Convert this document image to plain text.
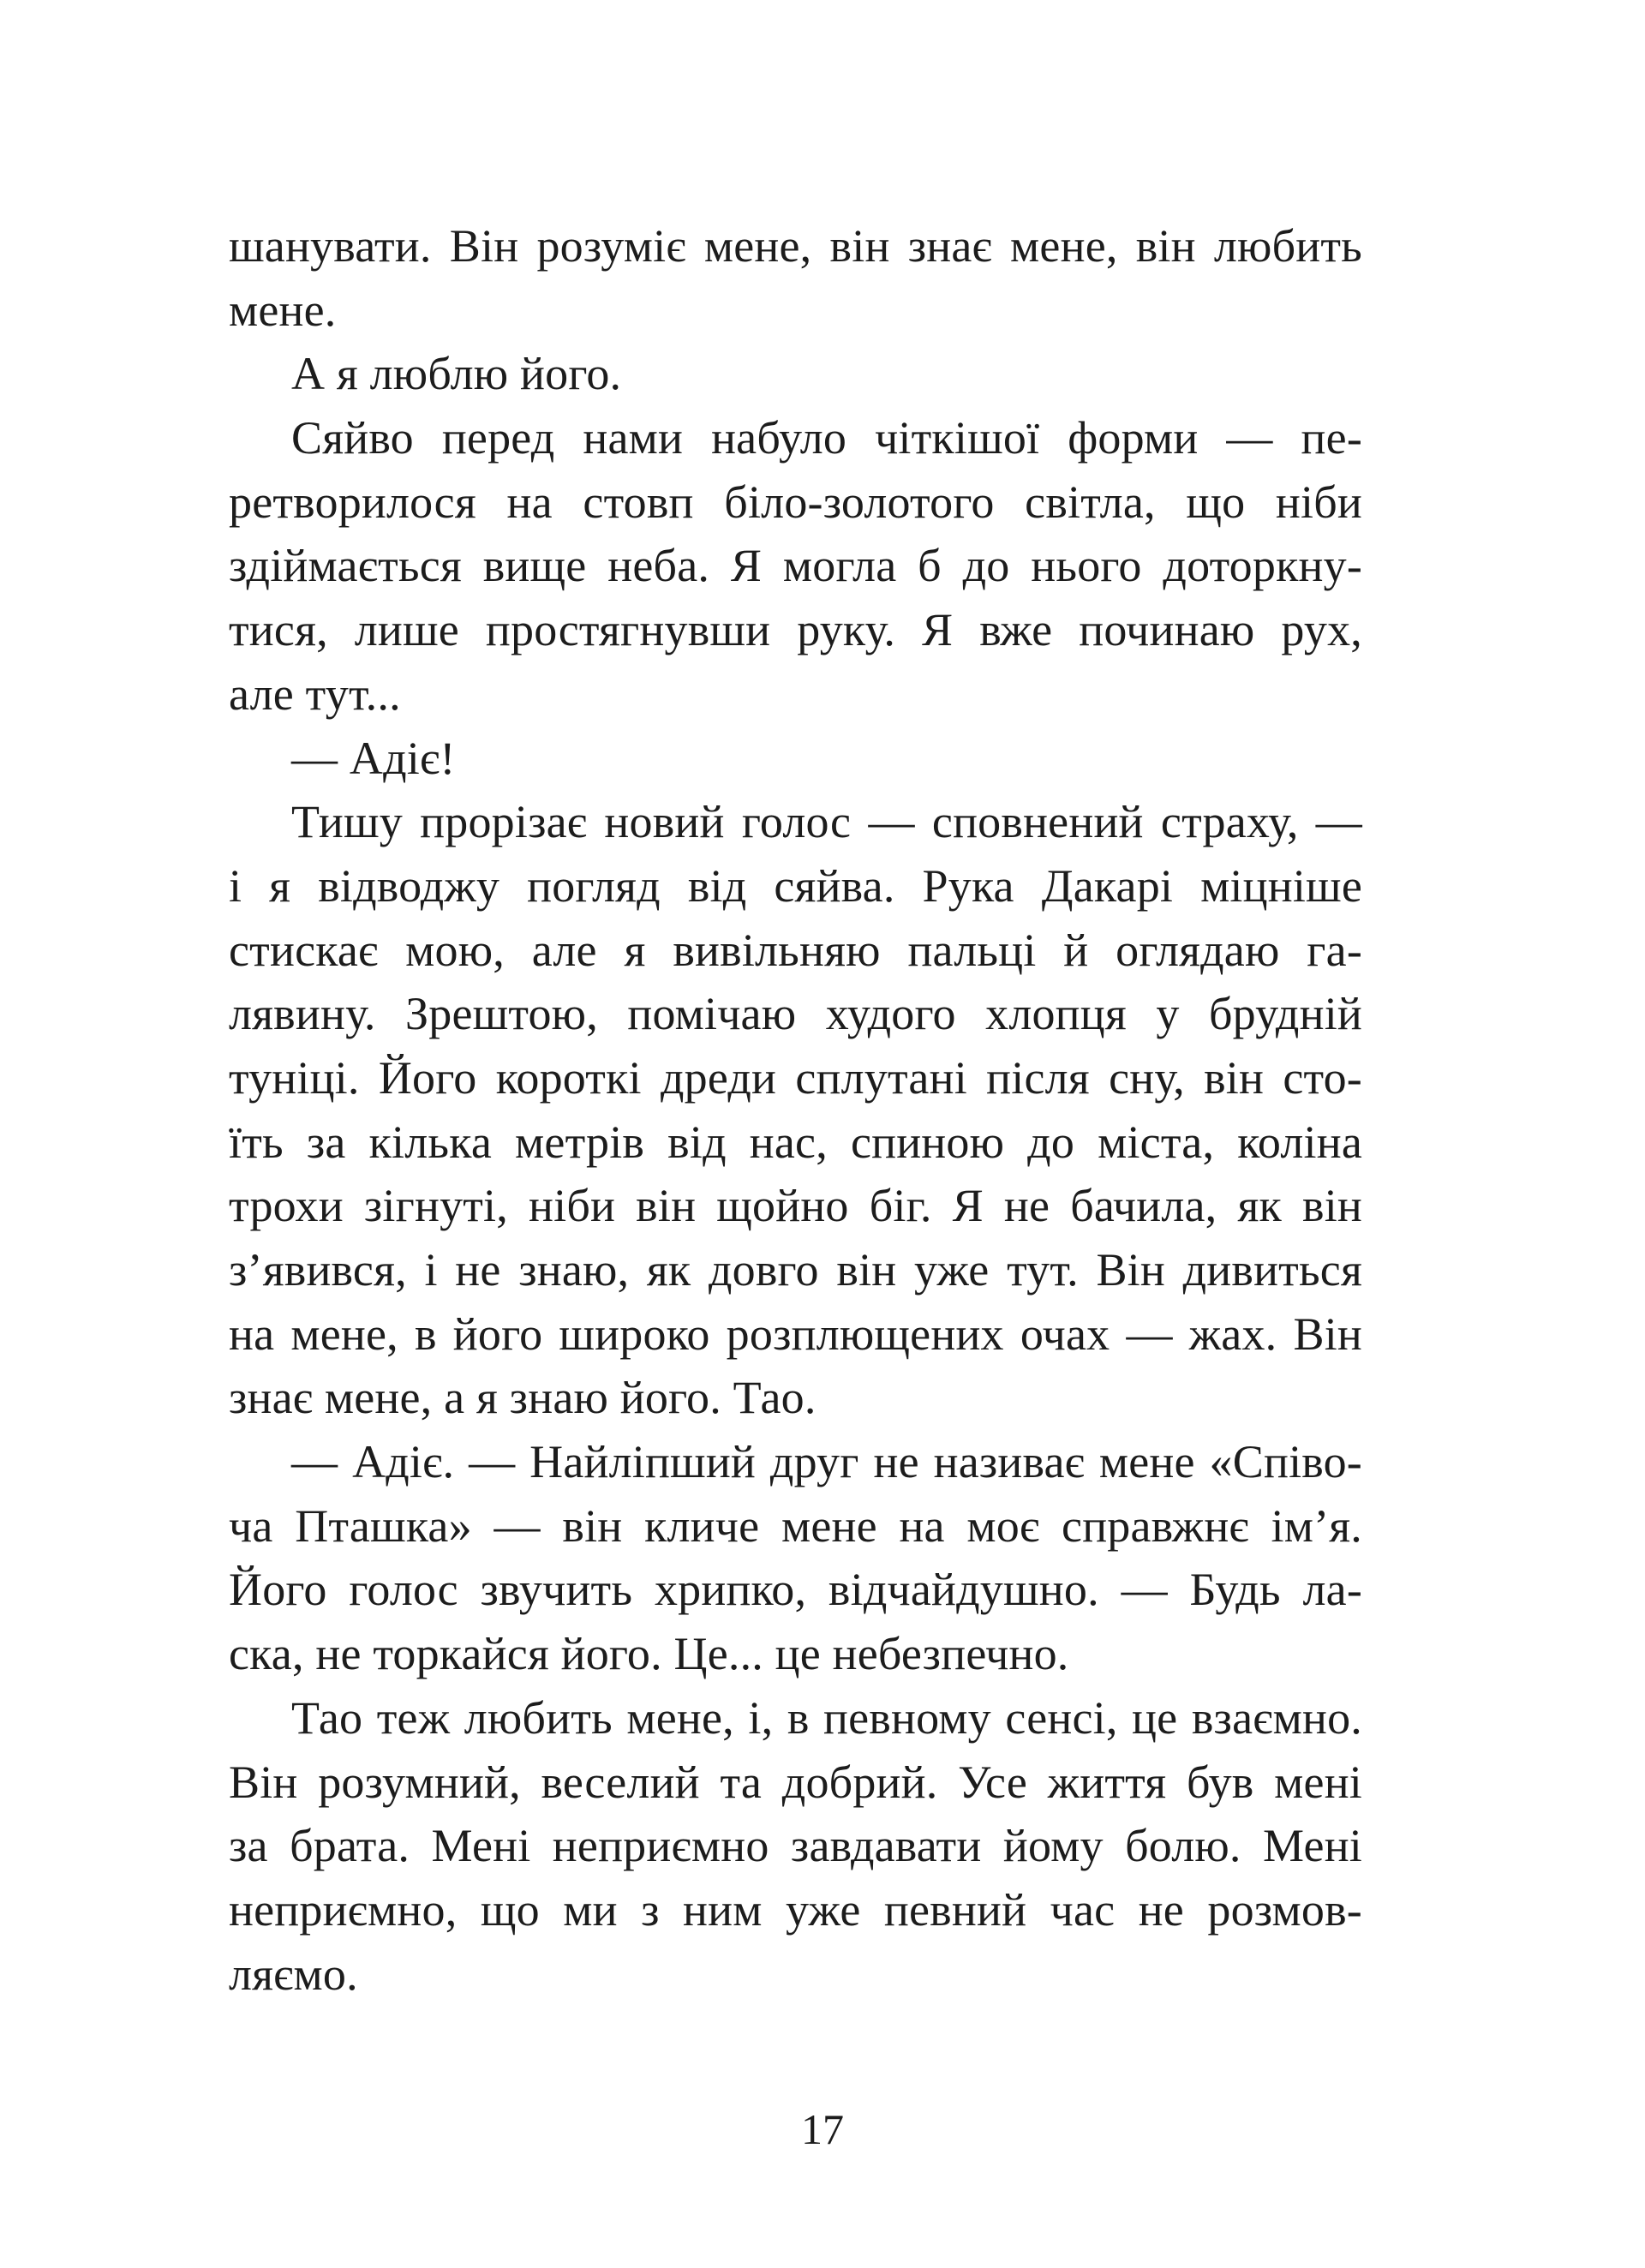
шанувати. Він розуміє мене, він знає мене, він любить
мене.
А я люблю його.
Сяйво перед нами набуло чіткішої форми — пе-
ретворилося на стовп біло-золотого світла, що ніби
здіймається вище неба. Я могла б до нього доторкну-
тися, лише простягнувши руку. Я вже починаю рух,
але тут...
— Адіє!
Тишу прорізає новий голос — сповнений страху, —
і я відводжу погляд від сяйва. Рука Дакарі міцніше
стискає мою, але я вивільняю пальці й оглядаю га-
лявину. Зрештою, помічаю худого хлопця у брудній
туніці. Його короткі дреди сплутані після сну, він сто-
їть за кілька метрів від нас, спиною до міста, коліна
трохи зігнуті, ніби він щойно біг. Я не бачила, як він
з’явився, і не знаю, як довго він уже тут. Він дивиться
на мене, в його широко розплющених очах — жах. Він
знає мене, а я знаю його. Тао.
— Адіє. — Найліпший друг не називає мене «Співо-
ча Пташка» — він кличе мене на моє справжнє ім’я.
Його голос звучить хрипко, відчайдушно. — Будь ла-
ска, не торкайся його. Це... це небезпечно.
Тао теж любить мене, і, в певному сенсі, це взаємно.
Він розумний, веселий та добрий. Усе життя був мені
за брата. Мені неприємно завдавати йому болю. Мені
неприємно, що ми з ним уже певний час не розмов-
ляємо.
17
